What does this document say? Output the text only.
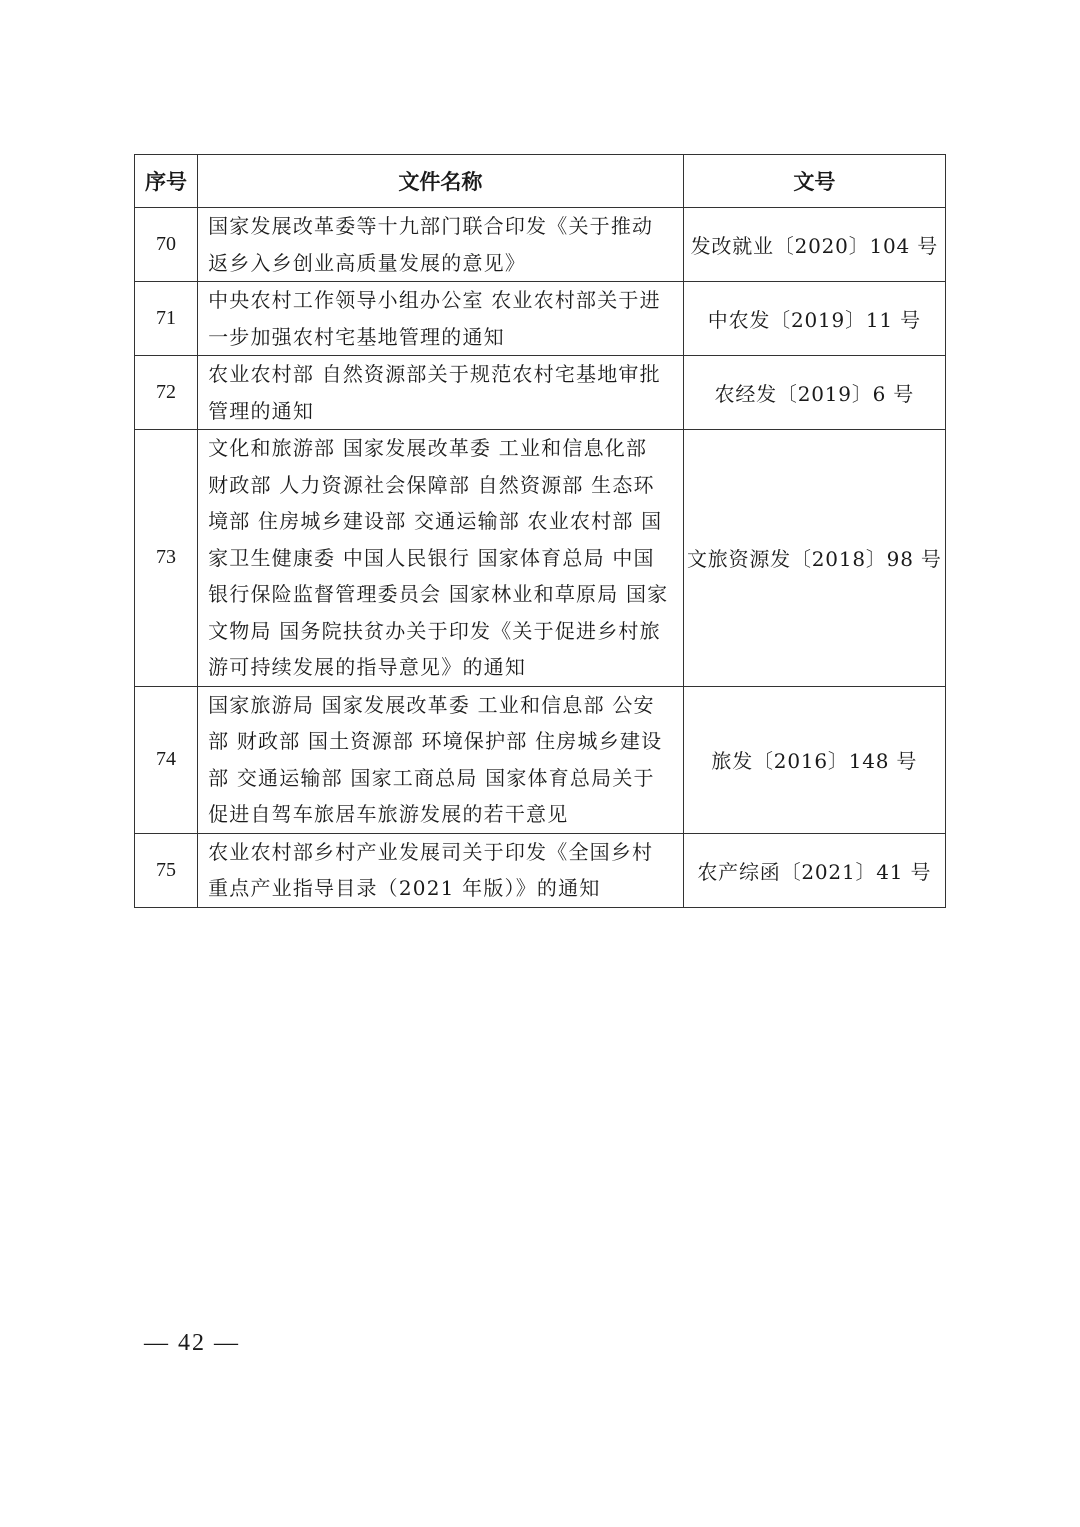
序号	文件名称	文号
70	国家发展改革委等十九部门联合印发《关于推动返乡入乡创业高质量发展的意见》	发改就业〔2020〕104 号
71	中央农村工作领导小组办公室 农业农村部关于进一步加强农村宅基地管理的通知	中农发〔2019〕11 号
72	农业农村部 自然资源部关于规范农村宅基地审批管理的通知	农经发〔2019〕6 号
73	文化和旅游部 国家发展改革委 工业和信息化部 财政部 人力资源社会保障部 自然资源部 生态环境部 住房城乡建设部 交通运输部 农业农村部 国家卫生健康委 中国人民银行 国家体育总局 中国银行保险监督管理委员会 国家林业和草原局 国家文物局 国务院扶贫办关于印发《关于促进乡村旅游可持续发展的指导意见》的通知	文旅资源发〔2018〕98 号
74	国家旅游局 国家发展改革委 工业和信息部 公安部 财政部 国土资源部 环境保护部 住房城乡建设部 交通运输部 国家工商总局 国家体育总局关于促进自驾车旅居车旅游发展的若干意见	旅发〔2016〕148 号
75	农业农村部乡村产业发展司关于印发《全国乡村重点产业指导目录（2021 年版）》的通知	农产综函〔2021〕41 号
— 42 —
